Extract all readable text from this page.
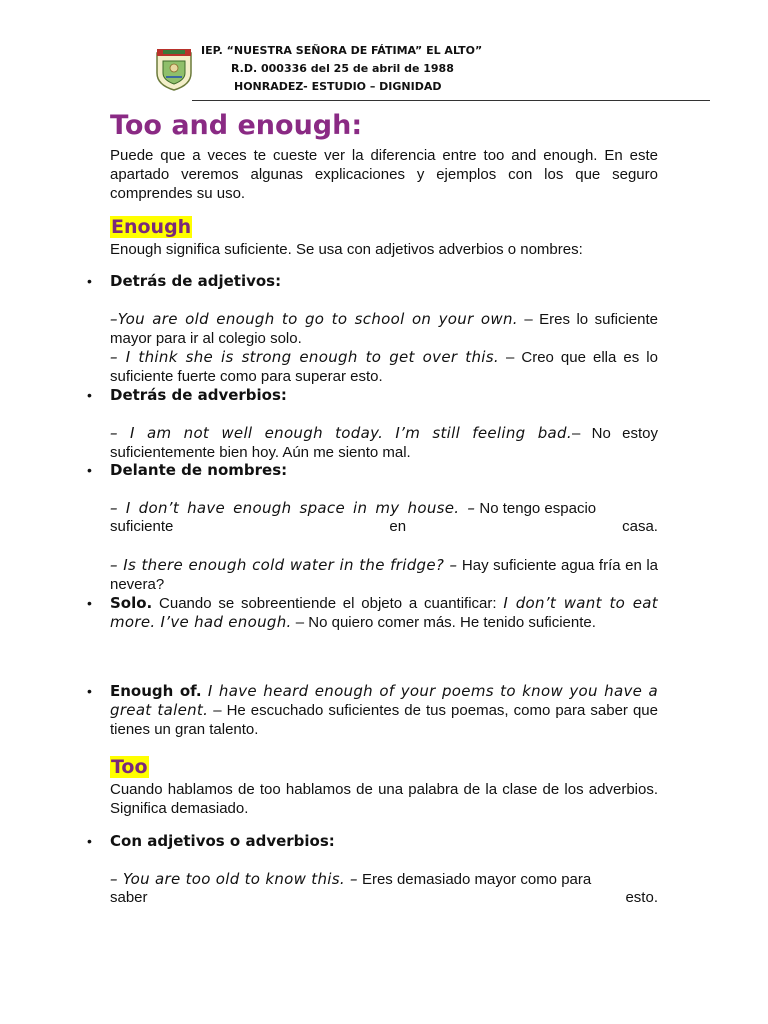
IEP. “NUESTRA SEÑORA DE FÁTIMA” EL ALTO”
R.D. 000336 del 25 de abril de 1988
HONRADEZ- ESTUDIO – DIGNIDAD
Too and enough:
Puede que a veces te cueste ver la diferencia entre too and enough. En este apartado veremos algunas explicaciones y ejemplos con los que seguro comprendes su uso.
Enough
Enough significa suficiente. Se usa con adjetivos adverbios o nombres:
• Detrás de adjetivos:
–You are old enough to go to school on your own. – Eres lo suficiente mayor para ir al colegio solo.
– I think she is strong enough to get over this. – Creo que ella es lo suficiente fuerte como para superar esto.
• Detrás de adverbios:
– I am not well enough today. I’m still feeling bad.– No estoy suficientemente bien hoy. Aún me siento mal.
• Delante de nombres:
– I don’t have enough space in my house. – No tengo espacio
suficiente	en	casa.
– Is there enough cold water in the fridge? – Hay suficiente agua fría en la nevera?
• Solo. Cuando se sobreentiende el objeto a cuantificar: I don’t want to eat more. I’ve had enough. – No quiero comer más. He tenido suficiente.
• Enough of. I have heard enough of your poems to know you have a great talent. – He escuchado suficientes de tus poemas, como para saber que tienes un gran talento.
Too
Cuando hablamos de too hablamos de una palabra de la clase de los adverbios. Significa demasiado.
• Con adjetivos o adverbios:
– You are too old to know this. – Eres demasiado mayor como para
saber	esto.
